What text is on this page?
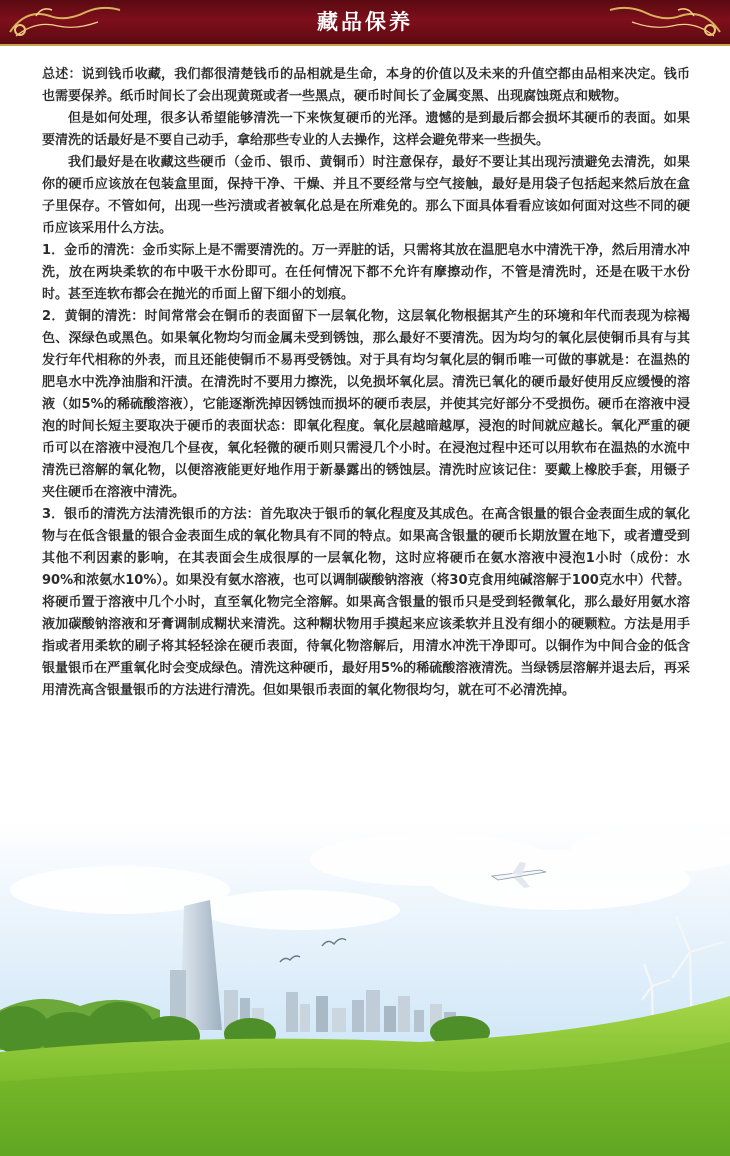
藏品保养

总述：说到钱币收藏，我们都很清楚钱币的品相就是生命，本身的价值以及未来的升值空都由品相来决定。钱币也需要保养。纸币时间长了会出现黄斑或者一些黑点，硬币时间长了金属变黑、出现腐蚀斑点和贼物。

但是如何处理，很多认希望能够清洗一下来恢复硬币的光泽。遗憾的是到最后都会损坏其硬币的表面。如果要清洗的话最好是不要自己动手，拿给那些专业的人去操作，这样会避免带来一些损失。

我们最好是在收藏这些硬币（金币、银币、黄铜币）时注意保存，最好不要让其出现污渍避免去清洗，如果你的硬币应该放在包装盒里面，保持干净、干燥、并且不要经常与空气接触，最好是用袋子包括起来然后放在盒子里保存。不管如何，出现一些污渍或者被氧化总是在所难免的。那么下面具体看看应该如何面对这些不同的硬币应该采用什么方法。

1．金币的清洗：金币实际上是不需要清洗的。万一弄脏的话，只需将其放在温肥皂水中清洗干净，然后用清水冲洗，放在两块柔软的布中吸干水份即可。在任何情况下都不允许有摩擦动作，不管是清洗时，还是在吸干水份时。甚至连软布都会在抛光的币面上留下细小的划痕。

2．黄铜的清洗：时间常常会在铜币的表面留下一层氧化物，这层氧化物根据其产生的环境和年代而表现为棕褐色、深绿色或黑色。如果氧化物均匀而金属未受到锈蚀，那么最好不要清洗。因为均匀的氧化层使铜币具有与其发行年代相称的外表，而且还能使铜币不易再受锈蚀。对于具有均匀氧化层的铜币唯一可做的事就是：在温热的肥皂水中洗净油脂和汗渍。在清洗时不要用力擦洗，以免损坏氧化层。清洗已氧化的硬币最好使用反应缓慢的溶液（如5%的稀硫酸溶液），它能逐渐洗掉因锈蚀而损坏的硬币表层，并使其完好部分不受损伤。硬币在溶液中浸泡的时间长短主要取决于硬币的表面状态：即氧化程度。氧化层越暗越厚，浸泡的时间就应越长。氧化严重的硬币可以在溶液中浸泡几个昼夜，氧化轻微的硬币则只需浸几个小时。在浸泡过程中还可以用软布在温热的水流中清洗已溶解的氧化物，以便溶液能更好地作用于新暴露出的锈蚀层。清洗时应该记住：要戴上橡胶手套，用镊子夹住硬币在溶液中清洗。

3．银币的清洗方法清洗银币的方法：首先取决于银币的氧化程度及其成色。在高含银量的银合金表面生成的氧化物与在低含银量的银合金表面生成的氧化物具有不同的特点。如果高含银量的硬币长期放置在地下，或者遭受到其他不利因素的影响，在其表面会生成很厚的一层氧化物，这时应将硬币在氨水溶液中浸泡1小时（成份：水90%和浓氨水10%）。如果没有氨水溶液，也可以调制碳酸钠溶液（将30克食用纯碱溶解于100克水中）代替。将硬币置于溶液中几个小时，直至氧化物完全溶解。如果高含银量的银币只是受到轻微氧化，那么最好用氨水溶液加碳酸钠溶液和牙膏调制成糊状来清洗。这种糊状物用手摸起来应该柔软并且没有细小的硬颗粒。方法是用手指或者用柔软的刷子将其轻轻涂在硬币表面，待氧化物溶解后，用清水冲洗干净即可。以铜作为中间合金的低含银量银币在严重氧化时会变成绿色。清洗这种硬币，最好用5%的稀硫酸溶液清洗。当绿锈层溶解并退去后，再采用清洗高含银量银币的方法进行清洗。但如果银币表面的氧化物很均匀，就在可不必清洗掉。
